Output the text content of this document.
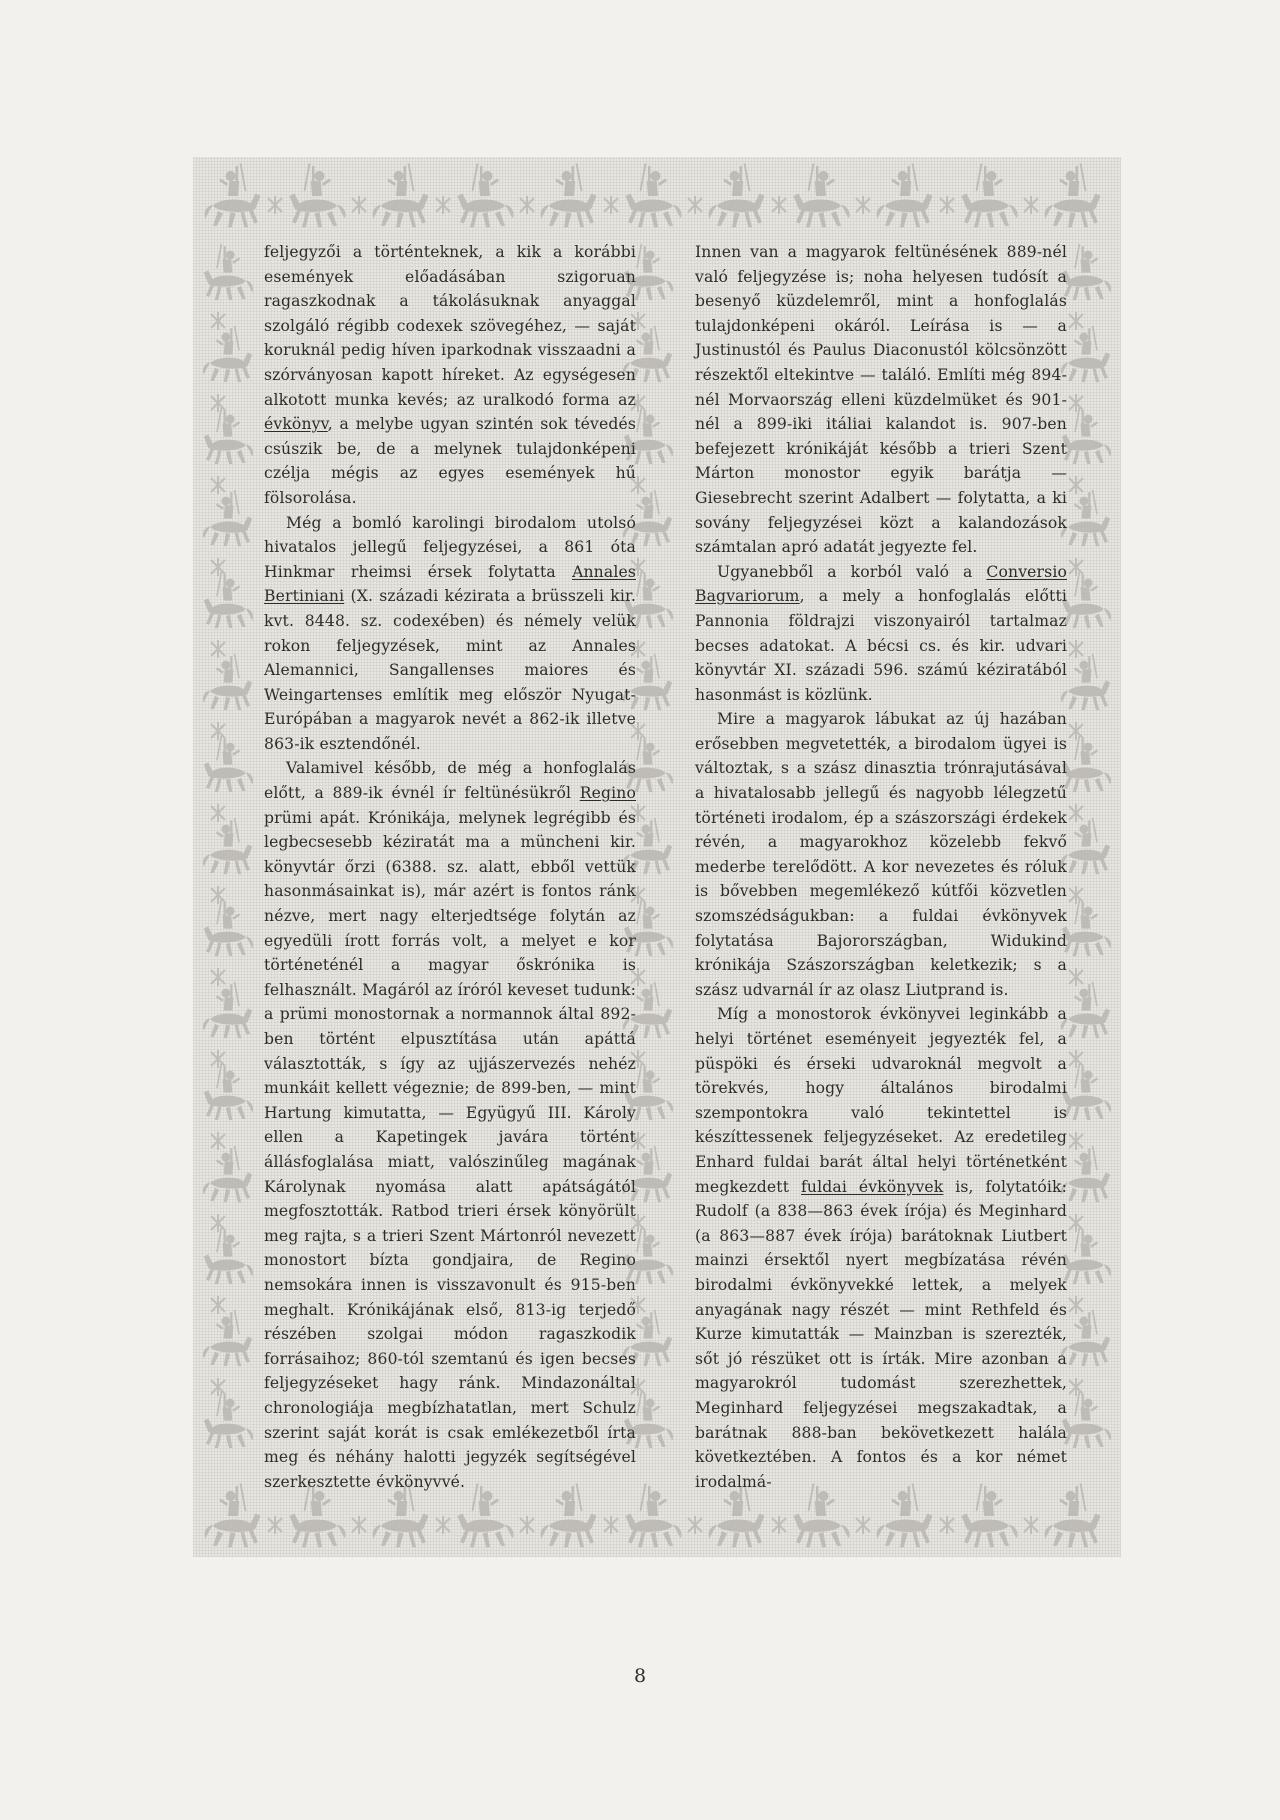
feljegyzői a történteknek, a kik a korábbi események előadásában szigoruan ragaszkodnak a tákolásuknak anyaggal szolgáló régibb codexek szövegéhez, — saját koruknál pedig híven iparkodnak visszaadni a szórványosan kapott híreket. Az egységesen alkotott munka kevés; az uralkodó forma az évkönyv, a melybe ugyan szintén sok tévedés csúszik be, de a melynek tulajdonképeni czélja mégis az egyes események hű fölsorolása.

Még a bomló karolingi birodalom utolsó hivatalos jellegű feljegyzései, a 861 óta Hinkmar rheimsi érsek folytatta Annales Bertiniani (X. századi kézirata a brüsszeli kir. kvt. 8448. sz. codexében) és némely velük rokon feljegyzések, mint az Annales Alemannici, Sangallenses maiores és Weingartenses említik meg először Nyugat-Európában a magyarok nevét a 862-ik illetve 863-ik esztendőnél.

Valamivel később, de még a honfoglalás előtt, a 889-ik évnél ír feltünésükről Regino prümi apát. Krónikája, melynek legrégibb és legbecsesebb kéziratát ma a müncheni kir. könyvtár őrzi (6388. sz. alatt, ebből vettük hasonmásainkat is), már azért is fontos ránk nézve, mert nagy elterjedtsége folytán az egyedüli írott forrás volt, a melyet e kor történeténél a magyar őskrónika is felhasznált. Magáról az íróról keveset tudunk: a prümi monostornak a normannok által 892-ben történt elpusztítása után apáttá választották, s így az ujjászervezés nehéz munkáit kellett végeznie; de 899-ben, — mint Hartung kimutatta, — Együgyű III. Károly ellen a Kapetingek javára történt állásfoglalása miatt, valószinűleg magának Károlynak nyomása alatt apátságától megfosztották. Ratbod trieri érsek könyörült meg rajta, s a trieri Szent Mártonról nevezett monostort bízta gondjaira, de Regino nemsokára innen is visszavonult és 915-ben meghalt. Krónikájának első, 813-ig terjedő részében szolgai módon ragaszkodik forrásaihoz; 860-tól szemtanú és igen becses feljegyzéseket hagy ránk. Mindazonáltal chronologiája megbízhatatlan, mert Schulz szerint saját korát is csak emlékezetből írta meg és néhány halotti jegyzék segítségével szerkesztette évkönyvvé.

Innen van a magyarok feltünésének 889-nél való feljegyzése is; noha helyesen tudósít a besenyő küzdelemről, mint a honfoglalás tulajdonképeni okáról. Leírása is — a Justinustól és Paulus Diaconustól kölcsönzött részektől eltekintve — találó. Említi még 894-nél Morvaország elleni küzdelmüket és 901-nél a 899-iki itáliai kalandot is. 907-ben befejezett krónikáját később a trieri Szent Márton monostor egyik barátja — Giesebrecht szerint Adalbert — folytatta, a ki sovány feljegyzései közt a kalandozások számtalan apró adatát jegyezte fel.

Ugyanebből a korból való a Conversio Bagvariorum, a mely a honfoglalás előtti Pannonia földrajzi viszonyairól tartalmaz becses adatokat. A bécsi cs. és kir. udvari könyvtár XI. századi 596. számú kéziratából hasonmást is közlünk.

Mire a magyarok lábukat az új hazában erősebben megvetették, a birodalom ügyei is változtak, s a szász dinasztia trónrajutásával a hivatalosabb jellegű és nagyobb lélegzetű történeti irodalom, ép a szászországi érdekek révén, a magyarokhoz közelebb fekvő mederbe terelődött. A kor nevezetes és róluk is bővebben megemlékező kútfői közvetlen szomszédságukban: a fuldai évkönyvek folytatása Bajorországban, Widukind krónikája Szászországban keletkezik; s a szász udvarnál ír az olasz Liutprand is.

Míg a monostorok évkönyvei leginkább a helyi történet eseményeit jegyezték fel, a püspöki és érseki udvaroknál megvolt a törekvés, hogy általános birodalmi szempontokra való tekintettel is készíttessenek feljegyzéseket. Az eredetileg Enhard fuldai barát által helyi történetként megkezdett fuldai évkönyvek is, folytatóik: Rudolf (a 838—863 évek írója) és Meginhard (a 863—887 évek írója) barátoknak Liutbert mainzi érsektől nyert megbízatása révén birodalmi évkönyvekké lettek, a melyek anyagának nagy részét — mint Rethfeld és Kurze kimutatták — Mainzban is szerezték, sőt jó részüket ott is írták. Mire azonban a magyarokról tudomást szerezhettek, Meginhard feljegyzései megszakadtak, a barátnak 888-ban bekövetkezett halála következtében. A fontos és a kor német irodalmá-

8
